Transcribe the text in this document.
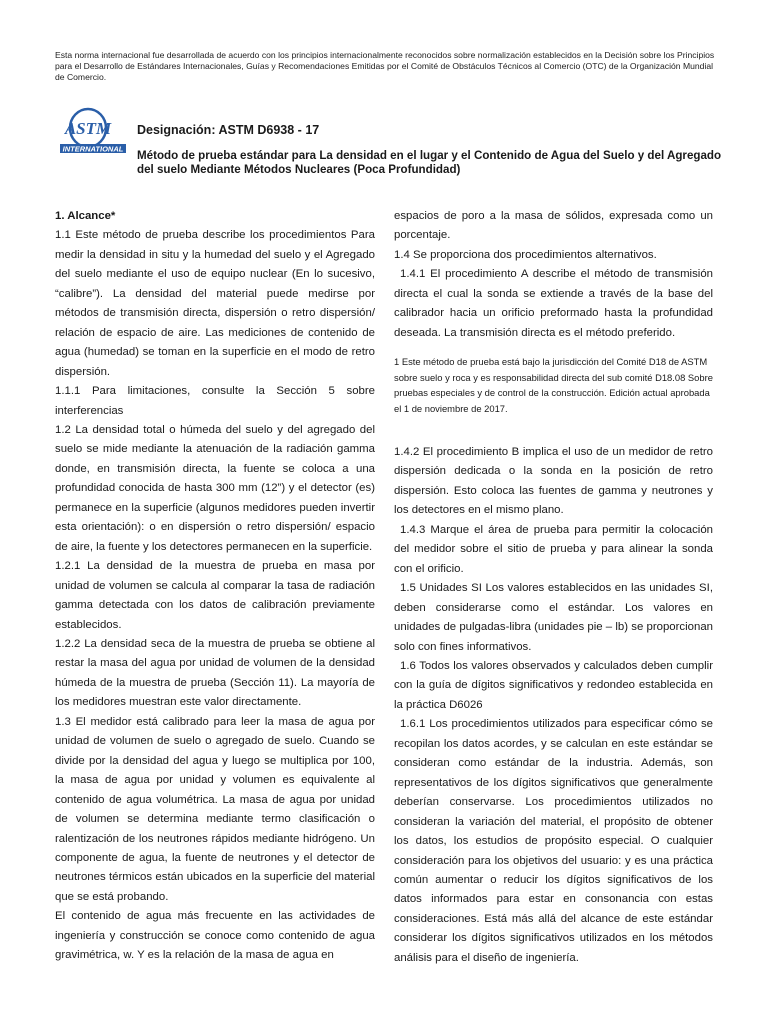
Esta norma internacional fue desarrollada de acuerdo con los principios internacionalmente reconocidos sobre normalización establecidos en la Decisión sobre los Principios para el Desarrollo de Estándares Internacionales, Guías y Recomendaciones Emitidas por el Comité de Obstáculos Técnicos al Comercio (OTC) de la Organización Mundial de Comercio.
ASTM
INTERNATIONAL
Designación: ASTM D6938 - 17
Método de prueba estándar para La densidad en el lugar y el Contenido de Agua del Suelo y del Agregado del suelo Mediante Métodos Nucleares (Poca Profundidad)

1. Alcance*

1.1 Este método de prueba describe los procedimientos Para medir la densidad in situ y la humedad del suelo y el Agregado del suelo mediante el uso de equipo nuclear (En lo sucesivo, “calibre”). La densidad del material puede medirse por métodos de transmisión directa, dispersión o retro dispersión/ relación de espacio de aire. Las mediciones de contenido de agua (humedad) se toman en la superficie en el modo de retro dispersión.

1.1.1 Para limitaciones, consulte la Sección 5 sobre interferencias

1.2 La densidad total o húmeda del suelo y del agregado del suelo se mide mediante la atenuación de la radiación gamma donde, en transmisión directa, la fuente se coloca a una profundidad conocida de hasta 300 mm (12”) y el detector (es) permanece en la superficie (algunos medidores pueden invertir esta orientación): o en dispersión o retro dispersión/ espacio de aire, la fuente y los detectores permanecen en la superficie.

1.2.1 La densidad de la muestra de prueba en masa por unidad de volumen se calcula al comparar la tasa de radiación gamma detectada con los datos de calibración previamente establecidos.

1.2.2 La densidad seca de la muestra de prueba se obtiene al restar la masa del agua por unidad de volumen de la densidad húmeda de la muestra de prueba (Sección 11). La mayoría de los medidores muestran este valor directamente.

1.3 El medidor está calibrado para leer la masa de agua por unidad de volumen de suelo o agregado de suelo. Cuando se divide por la densidad del agua y luego se multiplica por 100, la masa de agua por unidad y volumen es equivalente al contenido de agua volumétrica. La masa de agua por unidad de volumen se determina mediante termo clasificación o ralentización de los neutrones rápidos mediante hidrógeno. Un componente de agua, la fuente de neutrones y el detector de neutrones térmicos están ubicados en la superficie del material que se está probando.

El contenido de agua más frecuente en las actividades de ingeniería y construcción se conoce como contenido de agua gravimétrica, w. Y es la relación de la masa de agua en

espacios de poro a la masa de sólidos, expresada como un porcentaje.

1.4 Se proporciona dos procedimientos alternativos.

1.4.1 El procedimiento A describe el método de transmisión directa el cual la sonda se extiende a través de la base del calibrador hacia un orificio preformado hasta la profundidad deseada. La transmisión directa es el método preferido.

1 Este método de prueba está bajo la jurisdicción del Comité D18 de ASTM sobre suelo y roca y es responsabilidad directa del sub comité D18.08 Sobre pruebas especiales y de control de la construcción. Edición actual aprobada el 1 de noviembre de 2017.

1.4.2 El procedimiento B implica el uso de un medidor de retro dispersión dedicada o la sonda en la posición de retro dispersión. Esto coloca las fuentes de gamma y neutrones y los detectores en el mismo plano.

1.4.3 Marque el área de prueba para permitir la colocación del medidor sobre el sitio de prueba y para alinear la sonda con el orificio.

1.5 Unidades SI Los valores establecidos en las unidades SI, deben considerarse como el estándar. Los valores en unidades de pulgadas-libra (unidades pie – lb) se proporcionan solo con fines informativos.

1.6 Todos los valores observados y calculados deben cumplir con la guía de dígitos significativos y redondeo establecida en la práctica D6026

1.6.1 Los procedimientos utilizados para especificar cómo se recopilan los datos acordes, y se calculan en este estándar se consideran como estándar de la industria. Además, son representativos de los dígitos significativos que generalmente deberían conservarse. Los procedimientos utilizados no consideran la variación del material, el propósito de obtener los datos, los estudios de propósito especial. O cualquier consideración para los objetivos del usuario: y es una práctica común aumentar o reducir los dígitos significativos de los datos informados para estar en consonancia con estas consideraciones. Está más allá del alcance de este estándar considerar los dígitos significativos utilizados en los métodos análisis para el diseño de ingeniería.
